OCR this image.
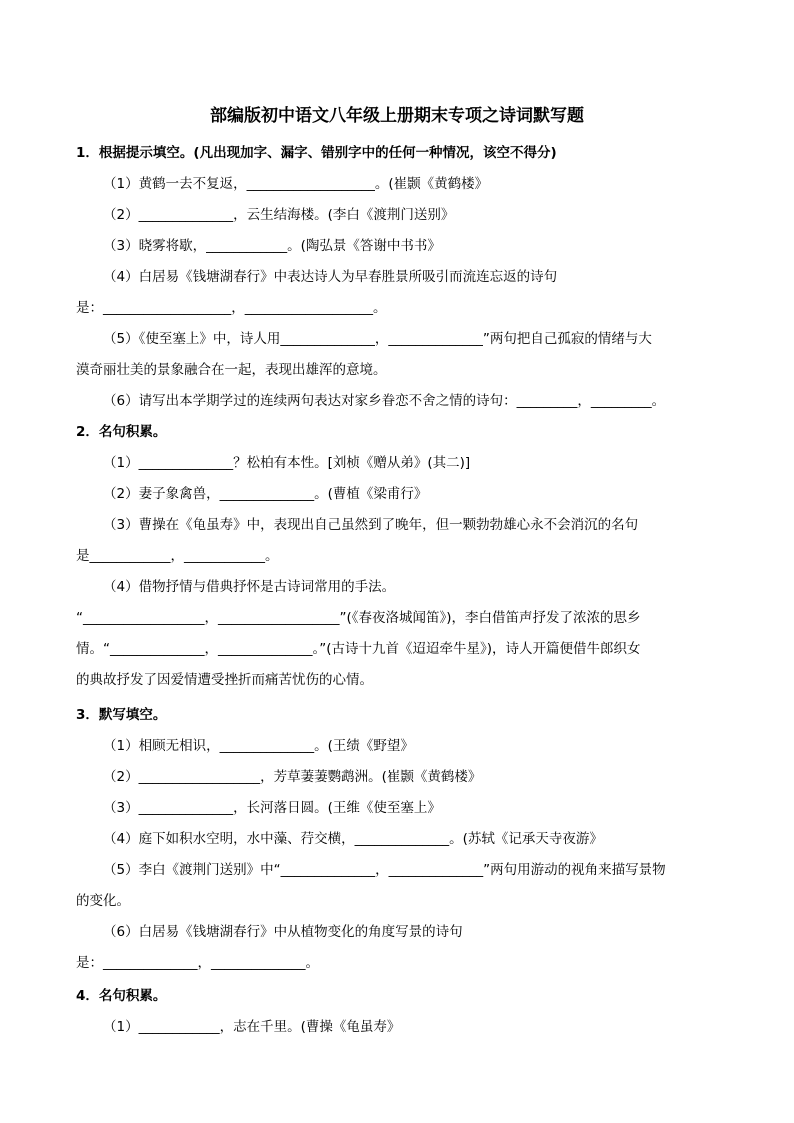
部编版初中语文八年级上册期末专项之诗词默写题
1．根据提示填空。(凡出现加字、漏字、错别字中的任何一种情况，该空不得分)
（1）黄鹤一去不复返，___________________。(崔颢《黄鹤楼》
（2）______________，云生结海楼。(李白《渡荆门送别》
（3）晓雾将歇，____________。(陶弘景《答谢中书书》
（4）白居易《钱塘湖春行》中表达诗人为早春胜景所吸引而流连忘返的诗句
是：___________________，___________________。
（5）《使至塞上》中，诗人用______________，______________”两句把自己孤寂的情绪与大
漠奇丽壮美的景象融合在一起，表现出雄浑的意境。
（6）请写出本学期学过的连续两句表达对家乡眷恋不舍之情的诗句：_________，_________。
2．名句积累。
（1）______________？松柏有本性。[刘桢《赠从弟》(其二)]
（2）妻子象禽兽，______________。(曹植《梁甫行》
（3）曹操在《龟虽寿》中，表现出自己虽然到了晚年，但一颗勃勃雄心永不会消沉的名句
是____________，____________。
（4）借物抒情与借典抒怀是古诗词常用的手法。
“__________________，__________________”(《春夜洛城闻笛》)，李白借笛声抒发了浓浓的思乡
情。“______________，______________。”(古诗十九首《迢迢牵牛星》)，诗人开篇便借牛郎织女
的典故抒发了因爱情遭受挫折而痛苦忧伤的心情。
3．默写填空。
（1）相顾无相识，______________。(王绩《野望》
（2）__________________，芳草萋萋鹦鹉洲。(崔颢《黄鹤楼》
（3）______________，长河落日圆。(王维《使至塞上》
（4）庭下如积水空明，水中藻、荇交横，______________。(苏轼《记承天寺夜游》
（5）李白《渡荆门送别》中“______________，______________”两句用游动的视角来描写景物
的变化。
（6）白居易《钱塘湖春行》中从植物变化的角度写景的诗句
是：______________，______________。
4．名句积累。
（1）____________，志在千里。(曹操《龟虽寿》
